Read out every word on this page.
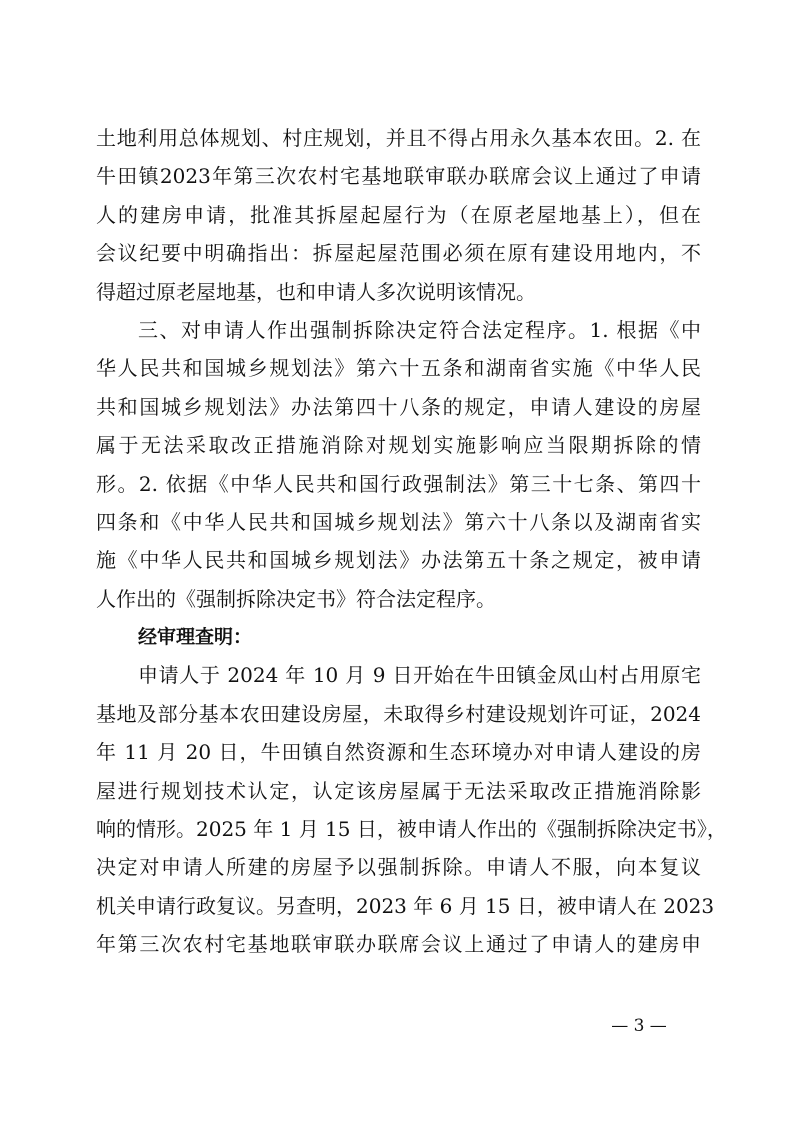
土地利用总体规划、村庄规划，并且不得占用永久基本农田。2. 在
牛田镇2023年第三次农村宅基地联审联办联席会议上通过了申请
人的建房申请，批准其拆屋起屋行为（在原老屋地基上），但在
会议纪要中明确指出：拆屋起屋范围必须在原有建设用地内，不
得超过原老屋地基，也和申请人多次说明该情况。
三、对申请人作出强制拆除决定符合法定程序。1. 根据《中
华人民共和国城乡规划法》第六十五条和湖南省实施《中华人民
共和国城乡规划法》办法第四十八条的规定，申请人建设的房屋
属于无法采取改正措施消除对规划实施影响应当限期拆除的情
形。2. 依据《中华人民共和国行政强制法》第三十七条、第四十
四条和《中华人民共和国城乡规划法》第六十八条以及湖南省实
施《中华人民共和国城乡规划法》办法第五十条之规定，被申请
人作出的《强制拆除决定书》符合法定程序。
经审理查明：
申请人于 2024 年 10 月 9 日开始在牛田镇金凤山村占用原宅
基地及部分基本农田建设房屋，未取得乡村建设规划许可证，2024
年 11 月 20 日，牛田镇自然资源和生态环境办对申请人建设的房
屋进行规划技术认定，认定该房屋属于无法采取改正措施消除影
响的情形。2025 年 1 月 15 日，被申请人作出的《强制拆除决定书》，
决定对申请人所建的房屋予以强制拆除。申请人不服，向本复议
机关申请行政复议。另查明，2023 年 6 月 15 日，被申请人在 2023
年第三次农村宅基地联审联办联席会议上通过了申请人的建房申
— 3 —
